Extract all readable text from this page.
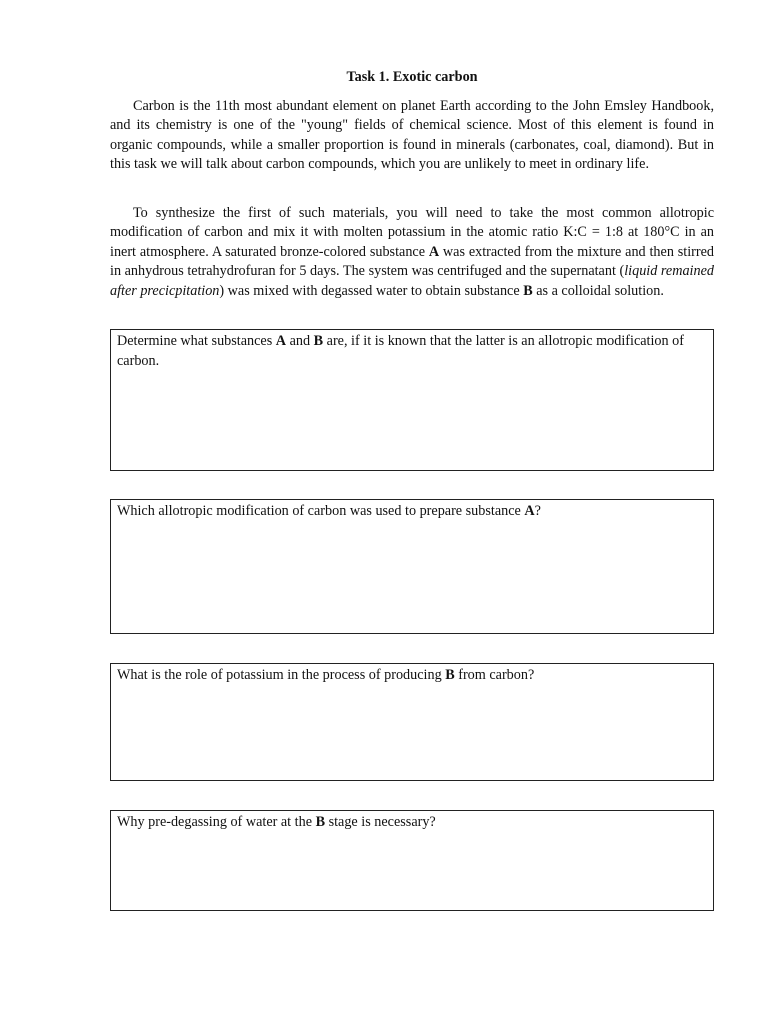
Task 1. Exotic carbon

Carbon is the 11th most abundant element on planet Earth according to the John Emsley Handbook, and its chemistry is one of the "young" fields of chemical science. Most of this element is found in organic compounds, while a smaller proportion is found in minerals (carbonates, coal, diamond). But in this task we will talk about carbon compounds, which you are unlikely to meet in ordinary life.

To synthesize the first of such materials, you will need to take the most common allotropic modification of carbon and mix it with molten potassium in the atomic ratio K:C = 1:8 at 180°C in an inert atmosphere. A saturated bronze-colored substance A was extracted from the mixture and then stirred in anhydrous tetrahydrofuran for 5 days. The system was centrifuged and the supernatant (liquid remained after precicpitation) was mixed with degassed water to obtain substance B as a colloidal solution.

Determine what substances A and B are, if it is known that the latter is an allotropic modification of carbon.

Which allotropic modification of carbon was used to prepare substance A?

What is the role of potassium in the process of producing B from carbon?

Why pre-degassing of water at the B stage is necessary?
